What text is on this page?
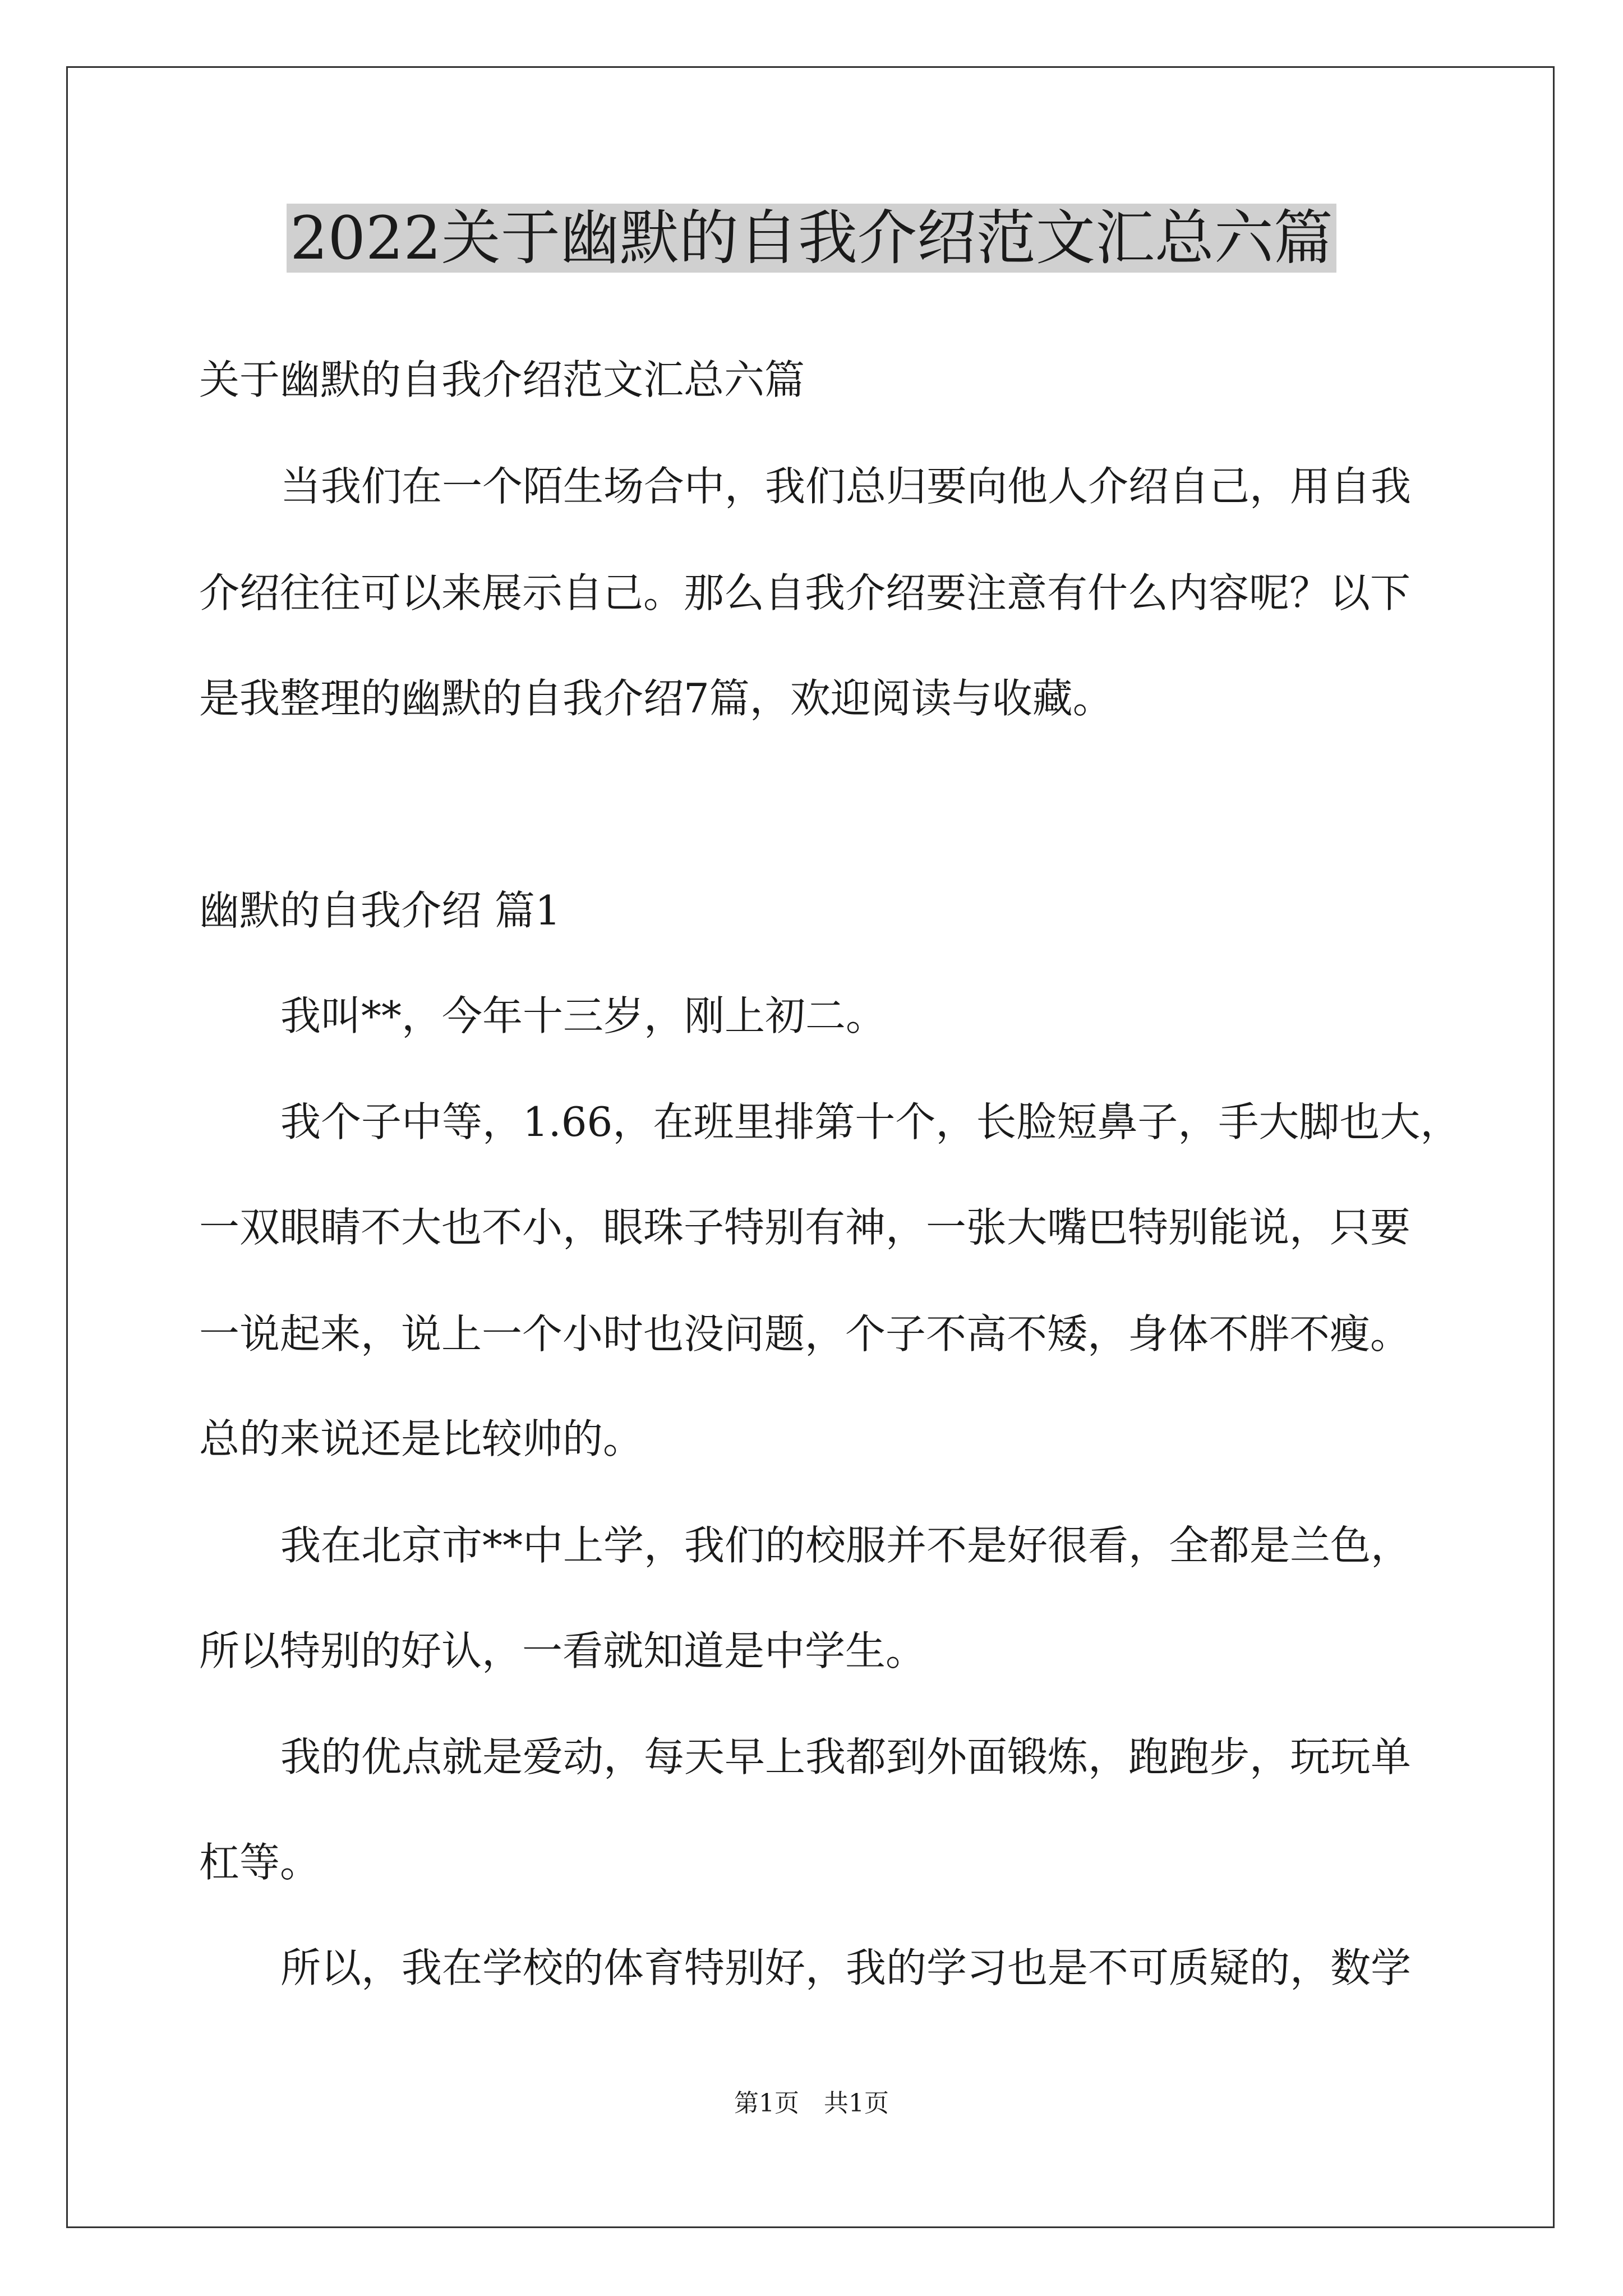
2022关于幽默的自我介绍范文汇总六篇
关于幽默的自我介绍范文汇总六篇
当我们在一个陌生场合中，我们总归要向他人介绍自己，用自我
介绍往往可以来展示自己。那么自我介绍要注意有什么内容呢？以下
是我整理的幽默的自我介绍7篇，欢迎阅读与收藏。
幽默的自我介绍 篇1
我叫**，今年十三岁，刚上初二。
我个子中等，1.66，在班里排第十个，长脸短鼻子，手大脚也大，
一双眼睛不大也不小，眼珠子特别有神，一张大嘴巴特别能说，只要
一说起来，说上一个小时也没问题，个子不高不矮，身体不胖不瘦。
总的来说还是比较帅的。
我在北京市**中上学，我们的校服并不是好很看，全都是兰色，
所以特别的好认，一看就知道是中学生。
我的优点就是爱动，每天早上我都到外面锻炼，跑跑步，玩玩单
杠等。
所以，我在学校的体育特别好，我的学习也是不可质疑的，数学
第1页　共1页
